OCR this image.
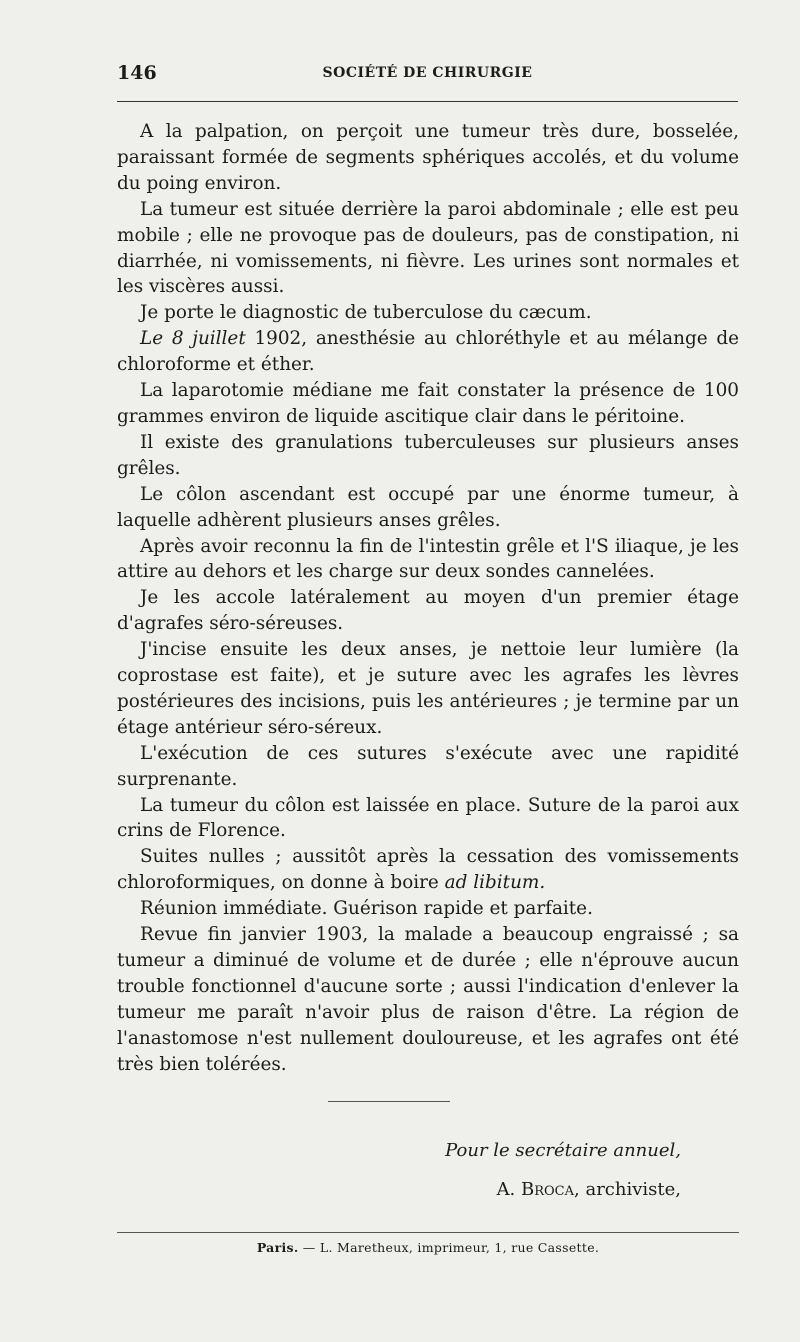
146	SOCIÉTÉ DE CHIRURGIE

A la palpation, on perçoit une tumeur très dure, bosselée, paraissant formée de segments sphériques accolés, et du volume du poing environ.

La tumeur est située derrière la paroi abdominale ; elle est peu mobile ; elle ne provoque pas de douleurs, pas de constipation, ni diarrhée, ni vomissements, ni fièvre. Les urines sont normales et les viscères aussi.

Je porte le diagnostic de tuberculose du cæcum.

Le 8 juillet 1902, anesthésie au chloréthyle et au mélange de chloroforme et éther.

La laparotomie médiane me fait constater la présence de 100 grammes environ de liquide ascitique clair dans le péritoine.

Il existe des granulations tuberculeuses sur plusieurs anses grêles.

Le côlon ascendant est occupé par une énorme tumeur, à laquelle adhèrent plusieurs anses grêles.

Après avoir reconnu la fin de l'intestin grêle et l'S iliaque, je les attire au dehors et les charge sur deux sondes cannelées.

Je les accole latéralement au moyen d'un premier étage d'agrafes séro-séreuses.

J'incise ensuite les deux anses, je nettoie leur lumière (la coprostase est faite), et je suture avec les agrafes les lèvres postérieures des incisions, puis les antérieures ; je termine par un étage antérieur séro-séreux.

L'exécution de ces sutures s'exécute avec une rapidité surprenante.

La tumeur du côlon est laissée en place. Suture de la paroi aux crins de Florence.

Suites nulles ; aussitôt après la cessation des vomissements chloroformiques, on donne à boire ad libitum.

Réunion immédiate. Guérison rapide et parfaite.

Revue fin janvier 1903, la malade a beaucoup engraissé ; sa tumeur a diminué de volume et de durée ; elle n'éprouve aucun trouble fonctionnel d'aucune sorte ; aussi l'indication d'enlever la tumeur me paraît n'avoir plus de raison d'être. La région de l'anastomose n'est nullement douloureuse, et les agrafes ont été très bien tolérées.

Pour le secrétaire annuel,
A. Broca, archiviste,
Paris. — L. Maretheux, imprimeur, 1, rue Cassette.
